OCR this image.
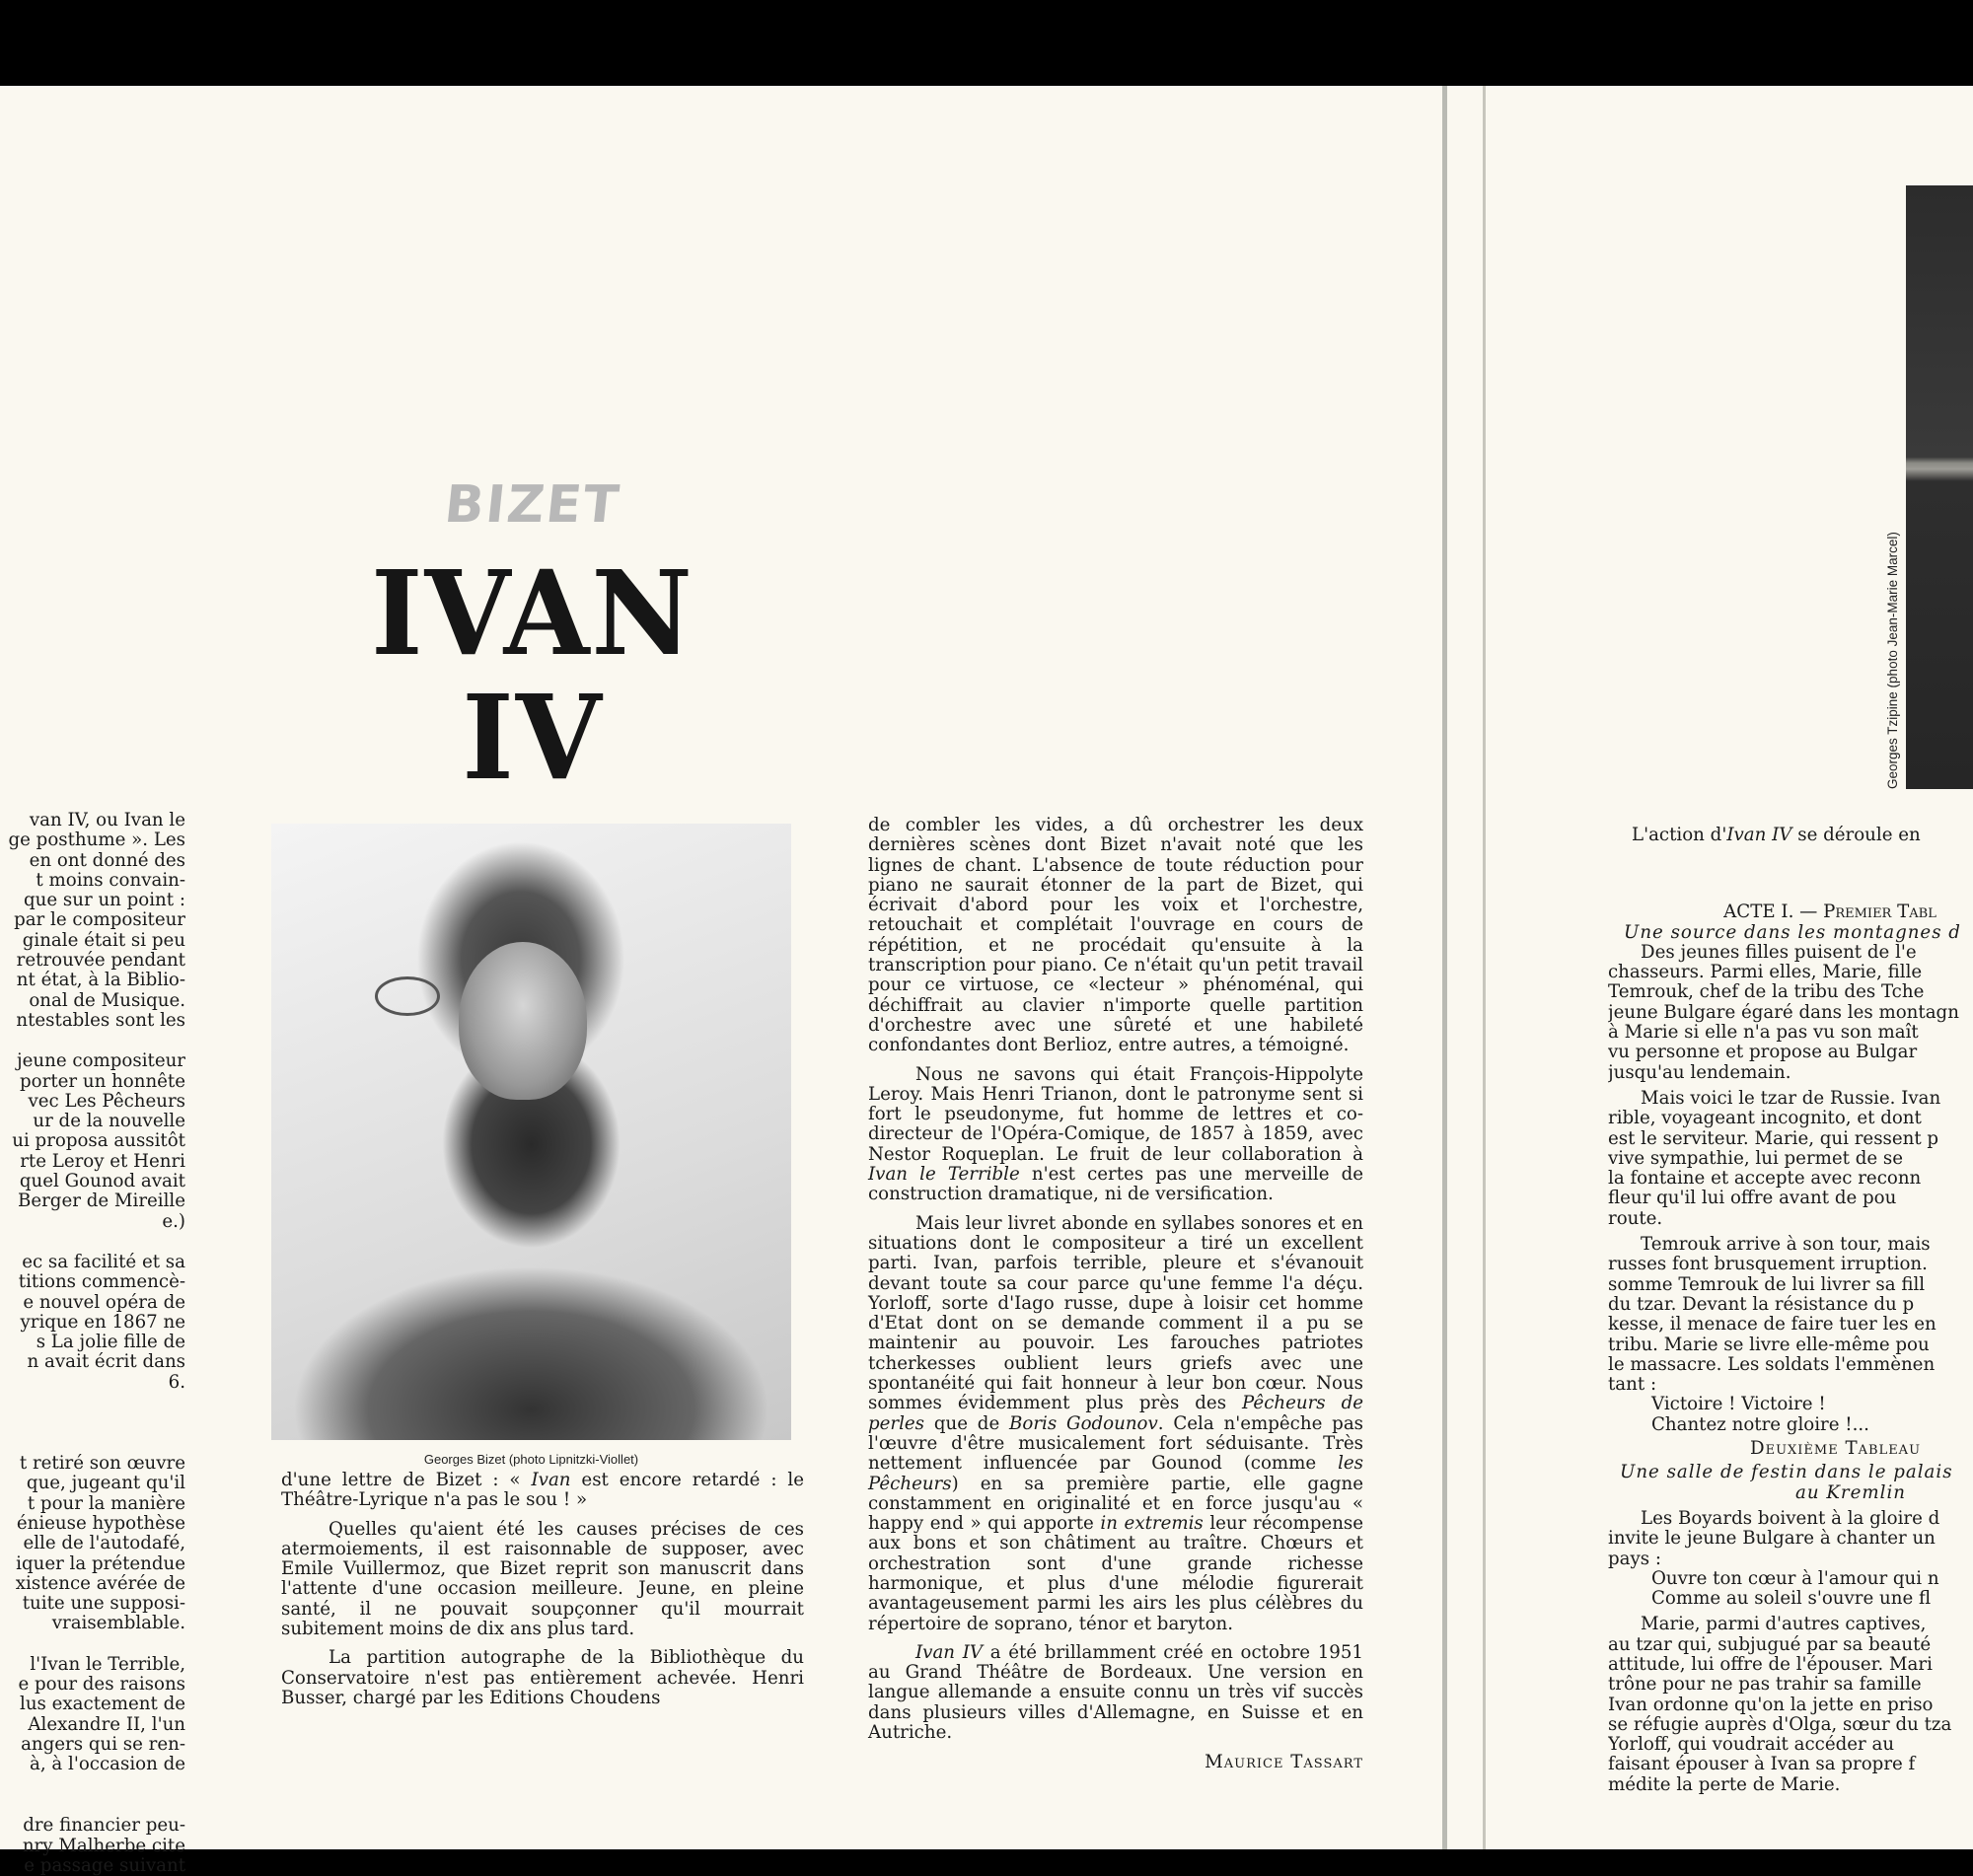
BIZET
IVAN IV

van IV, ou Ivan le

ge posthume ». Les

en ont donné des

t moins convain-

que sur un point :

par le compositeur

ginale était si peu

retrouvée pendant

nt état, à la Biblio-

onal de Musique.

ntestables sont les

jeune compositeur

porter un honnête

vec Les Pêcheurs

ur de la nouvelle

ui proposa aussitôt

rte Leroy et Henri

quel Gounod avait

Berger de Mireille

e.)

ec sa facilité et sa

titions commencè-

e nouvel opéra de

yrique en 1867 ne

s La jolie fille de

n avait écrit dans

6.

t retiré son œuvre

que, jugeant qu'il

t pour la manière

énieuse hypothèse

elle de l'autodafé,

iquer la prétendue

xistence avérée de

tuite une supposi-

vraisemblable.

l'Ivan le Terrible,

e pour des raisons

lus exactement de

Alexandre II, l'un

angers qui se ren-

à, à l'occasion de

dre financier peu-

nry Malherbe cite

e passage suivant

Georges Bizet (photo Lipnitzki-Viollet)

d'une lettre de Bizet : « Ivan est encore retardé : le Théâtre-Lyrique n'a pas le sou ! »

Quelles qu'aient été les causes précises de ces atermoiements, il est raisonnable de supposer, avec Emile Vuillermoz, que Bizet reprit son manuscrit dans l'attente d'une occasion meilleure. Jeune, en pleine santé, il ne pouvait soupçonner qu'il mourrait subitement moins de dix ans plus tard.

La partition autographe de la Bibliothèque du Conservatoire n'est pas entièrement achevée. Henri Busser, chargé par les Editions Choudens

de combler les vides, a dû orchestrer les deux dernières scènes dont Bizet n'avait noté que les lignes de chant. L'absence de toute réduction pour piano ne saurait étonner de la part de Bizet, qui écrivait d'abord pour les voix et l'orchestre, retouchait et complétait l'ouvrage en cours de répétition, et ne procédait qu'ensuite à la transcription pour piano. Ce n'était qu'un petit travail pour ce virtuose, ce «lecteur » phénoménal, qui déchiffrait au clavier n'importe quelle partition d'orchestre avec une sûreté et une habileté confondantes dont Berlioz, entre autres, a témoigné.

Nous ne savons qui était François-Hippolyte Leroy. Mais Henri Trianon, dont le patronyme sent si fort le pseudonyme, fut homme de lettres et co-directeur de l'Opéra-Comique, de 1857 à 1859, avec Nestor Roqueplan. Le fruit de leur collaboration à Ivan le Terrible n'est certes pas une merveille de construction dramatique, ni de versification.

Mais leur livret abonde en syllabes sonores et en situations dont le compositeur a tiré un excellent parti. Ivan, parfois terrible, pleure et s'évanouit devant toute sa cour parce qu'une femme l'a déçu. Yorloff, sorte d'Iago russe, dupe à loisir cet homme d'Etat dont on se demande comment il a pu se maintenir au pouvoir. Les farouches patriotes tcherkesses oublient leurs griefs avec une spontanéité qui fait honneur à leur bon cœur. Nous sommes évidemment plus près des Pêcheurs de perles que de Boris Godounov. Cela n'empêche pas l'œuvre d'être musicalement fort séduisante. Très nettement influencée par Gounod (comme les Pêcheurs) en sa première partie, elle gagne constamment en originalité et en force jusqu'au « happy end » qui apporte in extremis leur récompense aux bons et son châtiment au traître. Chœurs et orchestration sont d'une grande richesse harmonique, et plus d'une mélodie figurerait avantageusement parmi les airs les plus célèbres du répertoire de soprano, ténor et baryton.

Ivan IV a été brillamment créé en octobre 1951 au Grand Théâtre de Bordeaux. Une version en langue allemande a ensuite connu un très vif succès dans plusieurs villes d'Allemagne, en Suisse et en Autriche.

Maurice Tassart
Georges Tzipine (photo Jean-Marie Marcel)

L'action d'Ivan IV se déroule en

ACTE I. — Premier Tabl

Une source dans les montagnes d

Des jeunes filles puisent de l'e

chasseurs. Parmi elles, Marie, fille

Temrouk, chef de la tribu des Tche

jeune Bulgare égaré dans les montagn

à Marie si elle n'a pas vu son maît

vu personne et propose au Bulgar

jusqu'au lendemain.

Mais voici le tzar de Russie. Ivan

rible, voyageant incognito, et dont

est le serviteur. Marie, qui ressent p

vive sympathie, lui permet de se

la fontaine et accepte avec reconn

fleur qu'il lui offre avant de pou

route.

Temrouk arrive à son tour, mais

russes font brusquement irruption.

somme Temrouk de lui livrer sa fill

du tzar. Devant la résistance du p

kesse, il menace de faire tuer les en

tribu. Marie se livre elle-même pou

le massacre. Les soldats l'emmènen

tant :

Victoire ! Victoire !

Chantez notre gloire !...

Deuxième Tableau

Une salle de festin dans le palais

au Kremlin

Les Boyards boivent à la gloire d

invite le jeune Bulgare à chanter un

pays :

Ouvre ton cœur à l'amour qui n

Comme au soleil s'ouvre une fl

Marie, parmi d'autres captives,

au tzar qui, subjugué par sa beauté

attitude, lui offre de l'épouser. Mari

trône pour ne pas trahir sa famille

Ivan ordonne qu'on la jette en priso

se réfugie auprès d'Olga, sœur du tza

Yorloff, qui voudrait accéder au

faisant épouser à Ivan sa propre f

médite la perte de Marie.
